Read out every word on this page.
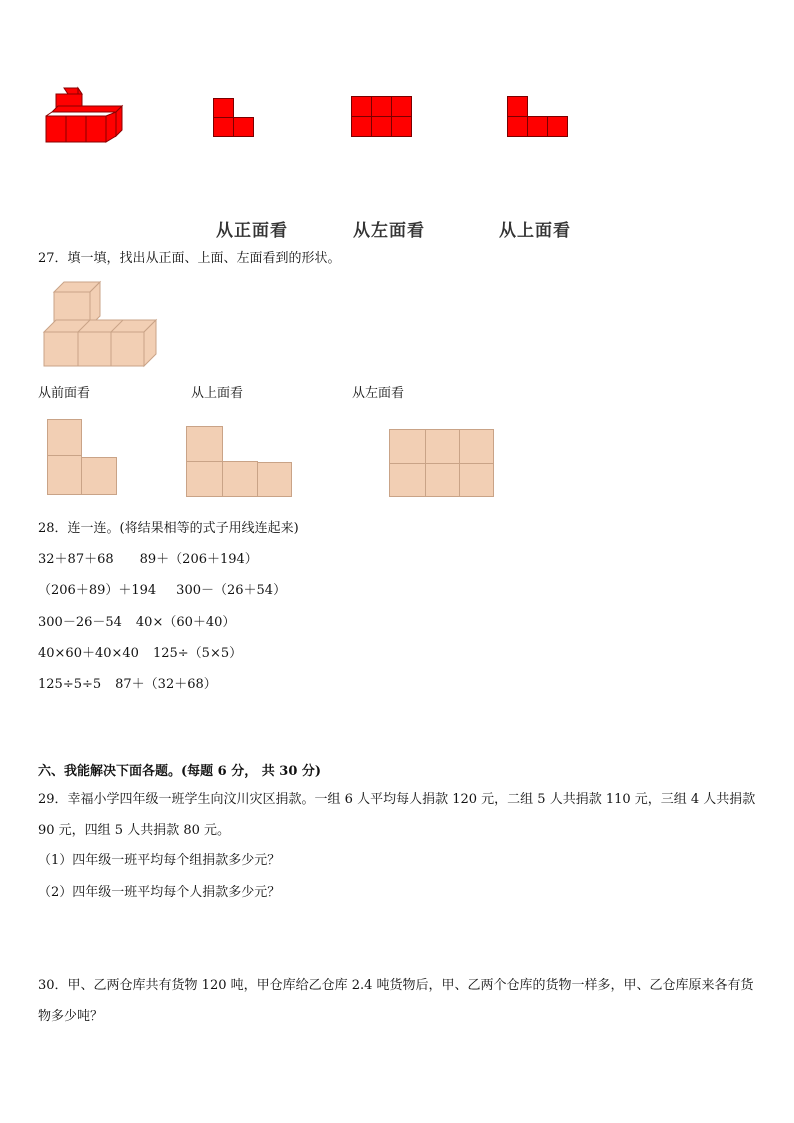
从正面看	从左面看	从上面看
27．填一填，找出从正面、上面、左面看到的形状。
从前面看	从上面看	从左面看
28．连一连。(将结果相等的式子用线连起来)
32＋87＋68 89＋（206＋194）
（206＋89）＋194 300－（26＋54）
300－26－54 40×（60＋40）
40×60＋40×40 125÷（5×5）
125÷5÷5 87＋（32＋68）
六、我能解决下面各题。(每题 6 分， 共 30 分)
29．幸福小学四年级一班学生向汶川灾区捐款。一组 6 人平均每人捐款 120 元，二组 5 人共捐款 110 元，三组 4 人共捐款 90 元，四组 5 人共捐款 80 元。
（1）四年级一班平均每个组捐款多少元？
（2）四年级一班平均每个人捐款多少元？
30．甲、乙两仓库共有货物 120 吨，甲仓库给乙仓库 2.4 吨货物后，甲、乙两个仓库的货物一样多，甲、乙仓库原来各有货物多少吨？
